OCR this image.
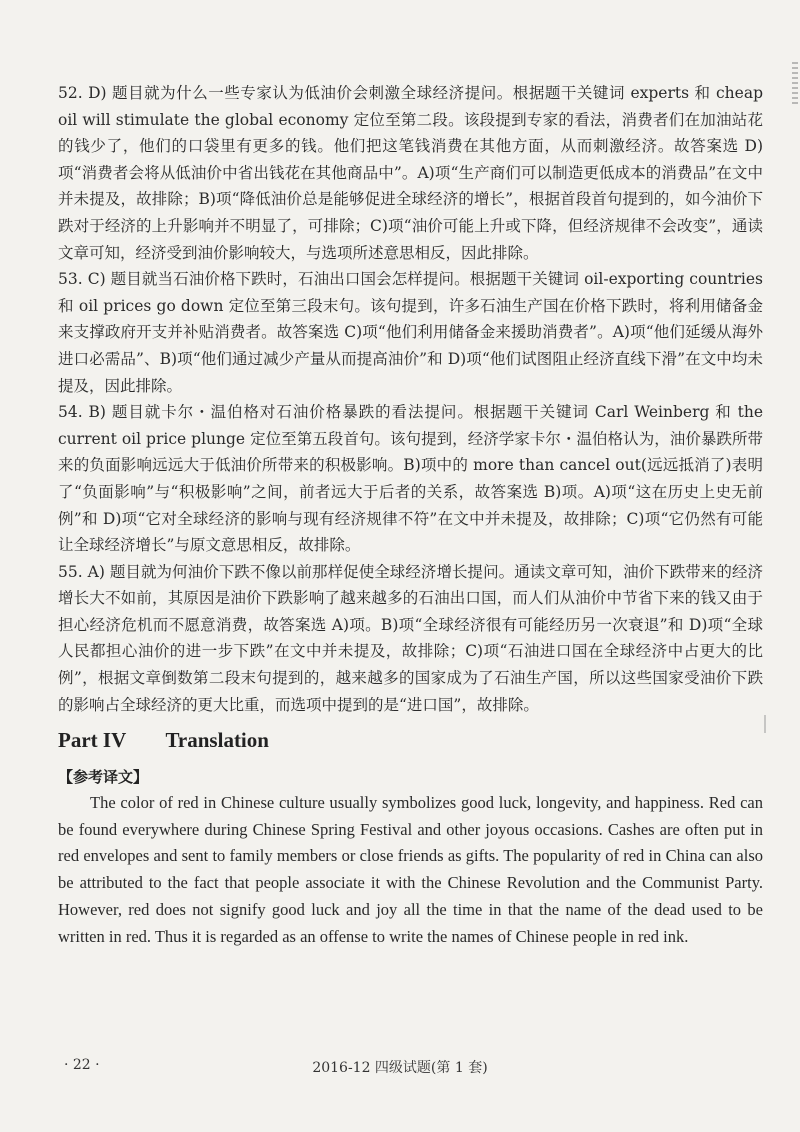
52. D) 题目就为什么一些专家认为低油价会刺激全球经济提问。根据题干关键词 experts 和 cheap oil will stimulate the global economy 定位至第二段。该段提到专家的看法，消费者们在加油站花的钱少了，他们的口袋里有更多的钱。他们把这笔钱消费在其他方面，从而刺激经济。故答案选 D)项“消费者会将从低油价中省出钱花在其他商品中”。A)项“生产商们可以制造更低成本的消费品”在文中并未提及，故排除；B)项“降低油价总是能够促进全球经济的增长”，根据首段首句提到的，如今油价下跌对于经济的上升影响并不明显了，可排除；C)项“油价可能上升或下降，但经济规律不会改变”，通读文章可知，经济受到油价影响较大，与选项所述意思相反，因此排除。
53. C) 题目就当石油价格下跌时，石油出口国会怎样提问。根据题干关键词 oil-exporting countries 和 oil prices go down 定位至第三段末句。该句提到，许多石油生产国在价格下跌时，将利用储备金来支撑政府开支并补贴消费者。故答案选 C)项“他们利用储备金来援助消费者”。A)项“他们延缓从海外进口必需品”、B)项“他们通过减少产量从而提高油价”和 D)项“他们试图阻止经济直线下滑”在文中均未提及，因此排除。
54. B) 题目就卡尔・温伯格对石油价格暴跌的看法提问。根据题干关键词 Carl Weinberg 和 the current oil price plunge 定位至第五段首句。该句提到，经济学家卡尔・温伯格认为，油价暴跌所带来的负面影响远远大于低油价所带来的积极影响。B)项中的 more than cancel out(远远抵消了)表明了“负面影响”与“积极影响”之间，前者远大于后者的关系，故答案选 B)项。A)项“这在历史上史无前例”和 D)项“它对全球经济的影响与现有经济规律不符”在文中并未提及，故排除；C)项“它仍然有可能让全球经济增长”与原文意思相反，故排除。
55. A) 题目就为何油价下跌不像以前那样促使全球经济增长提问。通读文章可知，油价下跌带来的经济增长大不如前，其原因是油价下跌影响了越来越多的石油出口国，而人们从油价中节省下来的钱又由于担心经济危机而不愿意消费，故答案选 A)项。B)项“全球经济很有可能经历另一次衰退”和 D)项“全球人民都担心油价的进一步下跌”在文中并未提及，故排除；C)项“石油进口国在全球经济中占更大的比例”，根据文章倒数第二段末句提到的，越来越多的国家成为了石油生产国，所以这些国家受油价下跌的影响占全球经济的更大比重，而选项中提到的是“进口国”，故排除。
Part IV Translation
【参考译文】
The color of red in Chinese culture usually symbolizes good luck, longevity, and happiness. Red can be found everywhere during Chinese Spring Festival and other joyous occasions. Cashes are often put in red envelopes and sent to family members or close friends as gifts. The popularity of red in China can also be attributed to the fact that people associate it with the Chinese Revolution and the Communist Party. However, red does not signify good luck and joy all the time in that the name of the dead used to be written in red. Thus it is regarded as an offense to write the names of Chinese people in red ink.
· 22 ·	2016-12 四级试题(第 1 套)
